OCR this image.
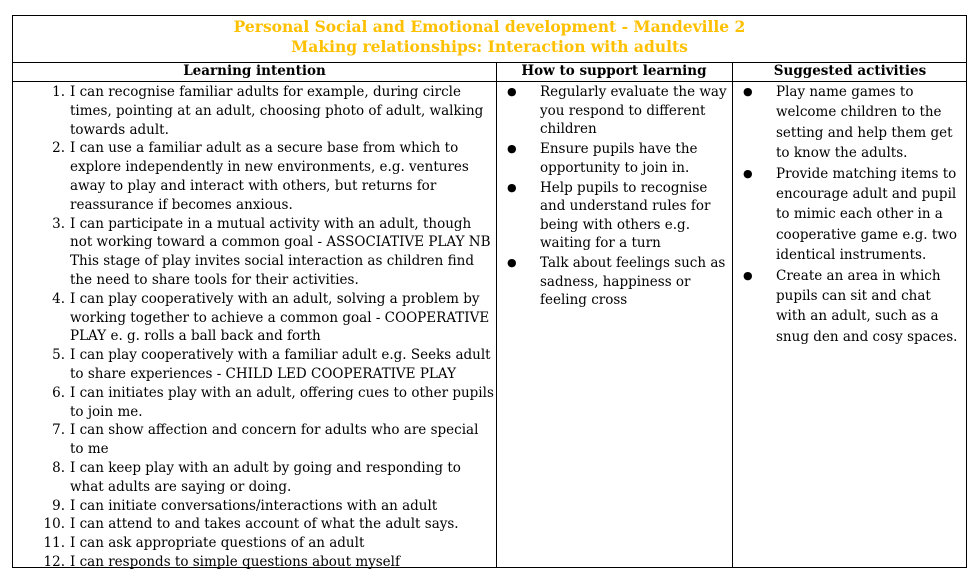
Personal Social and Emotional development - Mandeville 2
Making relationships: Interaction with adults
Learning intention	How to support learning	Suggested activities
1. I can recognise familiar adults for example, during circle times, pointing at an adult, choosing photo of adult, walking towards adult.
2. I can use a familiar adult as a secure base from which to explore independently in new environments, e.g. ventures away to play and interact with others, but returns for reassurance if becomes anxious.
3. I can participate in a mutual activity with an adult, though not working toward a common goal - ASSOCIATIVE PLAY NB This stage of play invites social interaction as children find the need to share tools for their activities.
4. I can play cooperatively with an adult, solving a problem by working together to achieve a common goal - COOPERATIVE PLAY e. g. rolls a ball back and forth
5. I can play cooperatively with a familiar adult e.g. Seeks adult to share experiences - CHILD LED COOPERATIVE PLAY
6. I can initiates play with an adult, offering cues to other pupils to join me.
7. I can show affection and concern for adults who are special to me
8. I can keep play with an adult by going and responding to what adults are saying or doing.
9. I can initiate conversations/interactions with an adult
10. I can attend to and takes account of what the adult says.
11. I can ask appropriate questions of an adult
12. I can responds to simple questions about myself
● Regularly evaluate the way you respond to different children
● Ensure pupils have the opportunity to join in.
● Help pupils to recognise and understand rules for being with others e.g. waiting for a turn
● Talk about feelings such as sadness, happiness or feeling cross
● Play name games to welcome children to the setting and help them get to know the adults.
● Provide matching items to encourage adult and pupil to mimic each other in a cooperative game e.g. two identical instruments.
● Create an area in which pupils can sit and chat with an adult, such as a snug den and cosy spaces.
